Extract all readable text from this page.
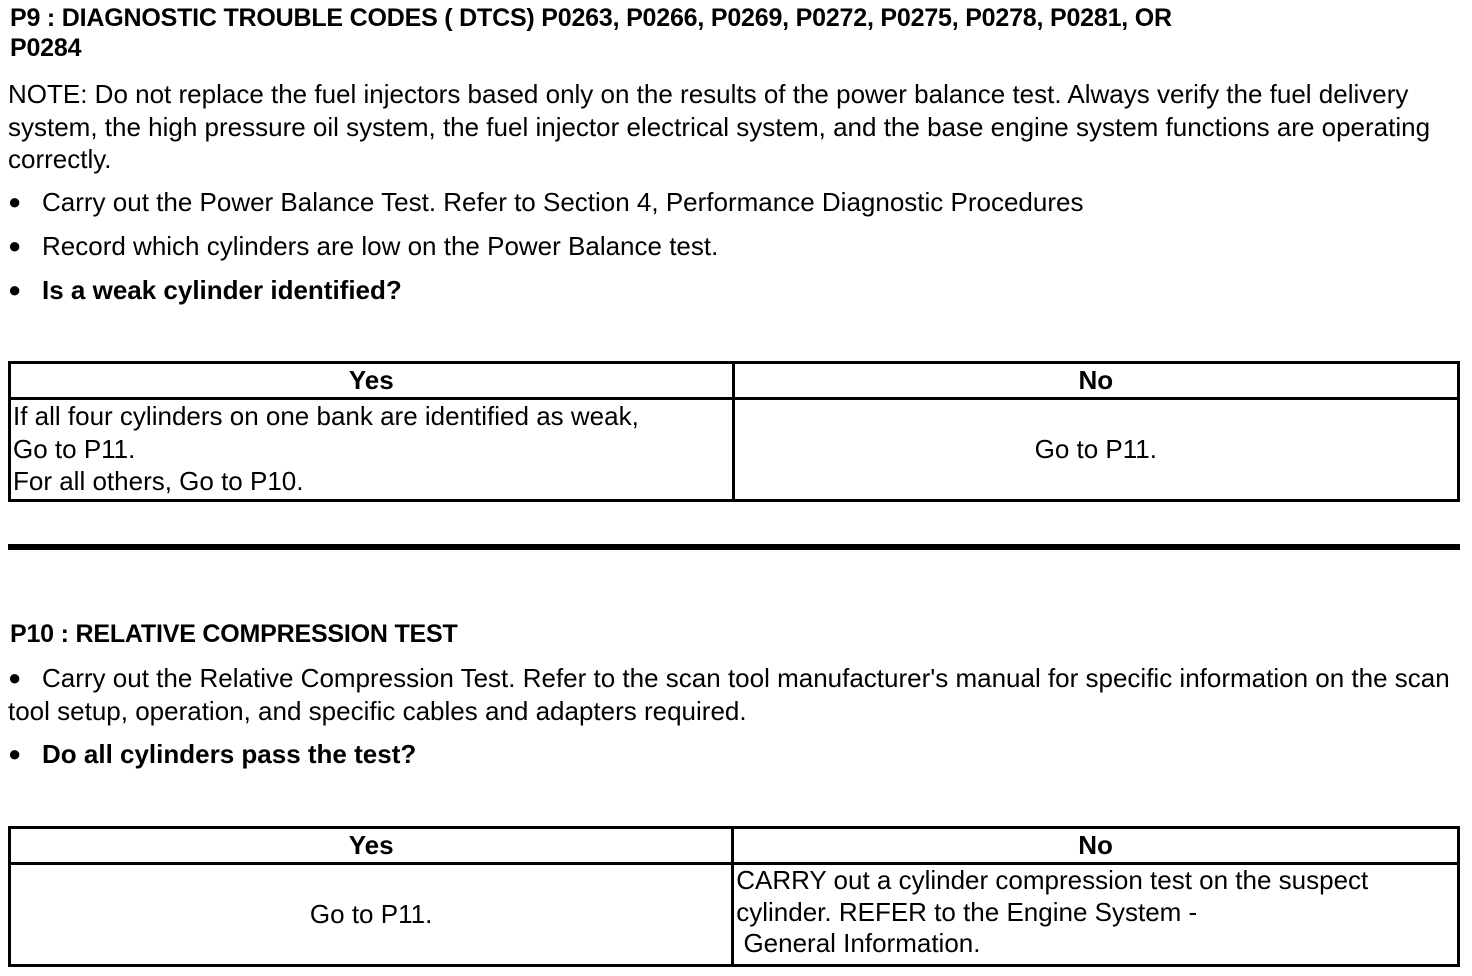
P9 : DIAGNOSTIC TROUBLE CODES ( DTCS) P0263, P0266, P0269, P0272, P0275, P0278, P0281, OR
P0284

NOTE: Do not replace the fuel injectors based only on the results of the power balance test. Always verify the fuel delivery system, the high pressure oil system, the fuel injector electrical system, and the base engine system functions are operating correctly.

● Carry out the Power Balance Test. Refer to Section 4, Performance Diagnostic Procedures

● Record which cylinders are low on the Power Balance test.

● Is a weak cylinder identified?

Yes	No

If all four cylinders on one bank are identified as weak,
Go to P11.
For all others, Go to P10.	Go to P11.

P10 : RELATIVE COMPRESSION TEST

● Carry out the Relative Compression Test. Refer to the scan tool manufacturer's manual for specific information on the scan tool setup, operation, and specific cables and adapters required.

● Do all cylinders pass the test?

Yes	No
Go to P11.	CARRY out a cylinder compression test on the suspect
cylinder. REFER to the Engine System -
General Information.
